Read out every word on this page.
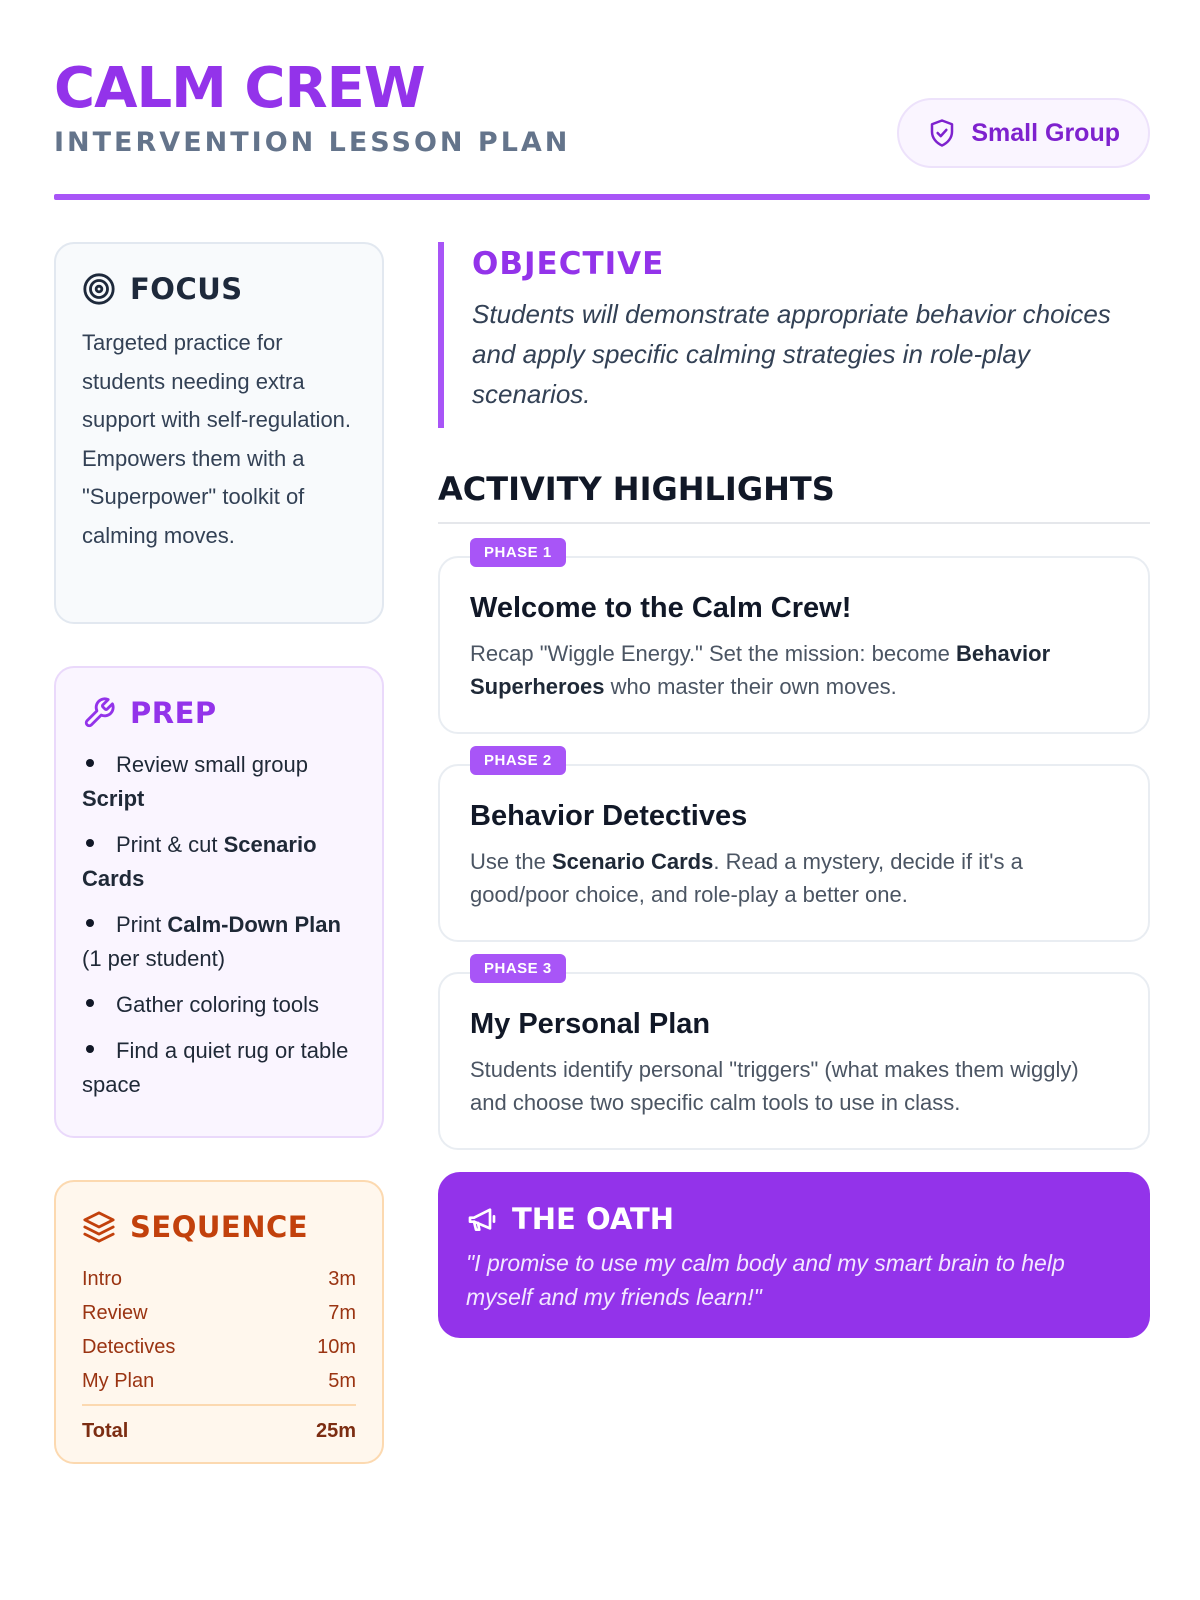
CALM CREW
INTERVENTION LESSON PLAN	Small Group
FOCUS

Targeted practice for students needing extra support with self-regulation. Empowers them with a "Superpower" toolkit of calming moves.

PREP
Review small group Script
Print & cut Scenario Cards
Print Calm-Down Plan (1 per student)
Gather coloring tools
Find a quiet rug or table space
SEQUENCE
Intro	3m
Review	7m
Detectives	10m
My Plan	5m
Total	25m
OBJECTIVE

Students will demonstrate appropriate behavior choices and apply specific calming strategies in role-play scenarios.

ACTIVITY HIGHLIGHTS
PHASE 1
Welcome to the Calm Crew!

Recap "Wiggle Energy." Set the mission: become Behavior Superheroes who master their own moves.

PHASE 2
Behavior Detectives

Use the Scenario Cards. Read a mystery, decide if it's a good/poor choice, and role-play a better one.

PHASE 3
My Personal Plan

Students identify personal "triggers" (what makes them wiggly) and choose two specific calm tools to use in class.

THE OATH

"I promise to use my calm body and my smart brain to help myself and my friends learn!"
